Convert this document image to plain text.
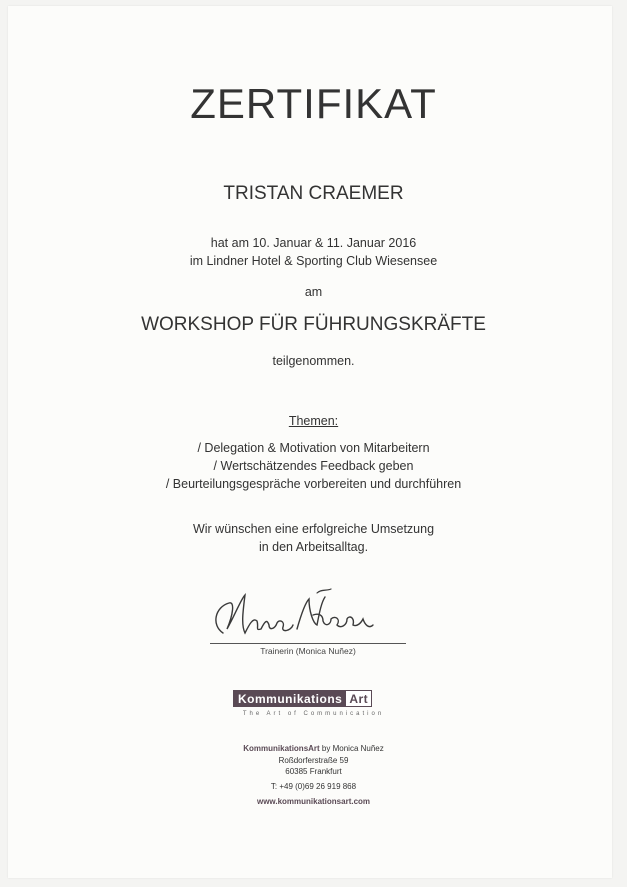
ZERTIFIKAT
TRISTAN CRAEMER
hat am 10. Januar & 11. Januar 2016
im Lindner Hotel & Sporting Club Wiesensee
am
WORKSHOP FÜR FÜHRUNGSKRÄFTE
teilgenommen.
Themen:
/ Delegation & Motivation von Mitarbeitern
/ Wertschätzendes Feedback geben
/ Beurteilungsgespräche vorbereiten und durchführen
Wir wünschen eine erfolgreiche Umsetzung
in den Arbeitsalltag.
Trainerin (Monica Nuñez)
Kommunikations Art
The Art of Communication
KommunikationsArt by Monica Nuñez
Roßdorferstraße 59
60385 Frankfurt
T: +49 (0)69 26 919 868
www.kommunikationsart.com
